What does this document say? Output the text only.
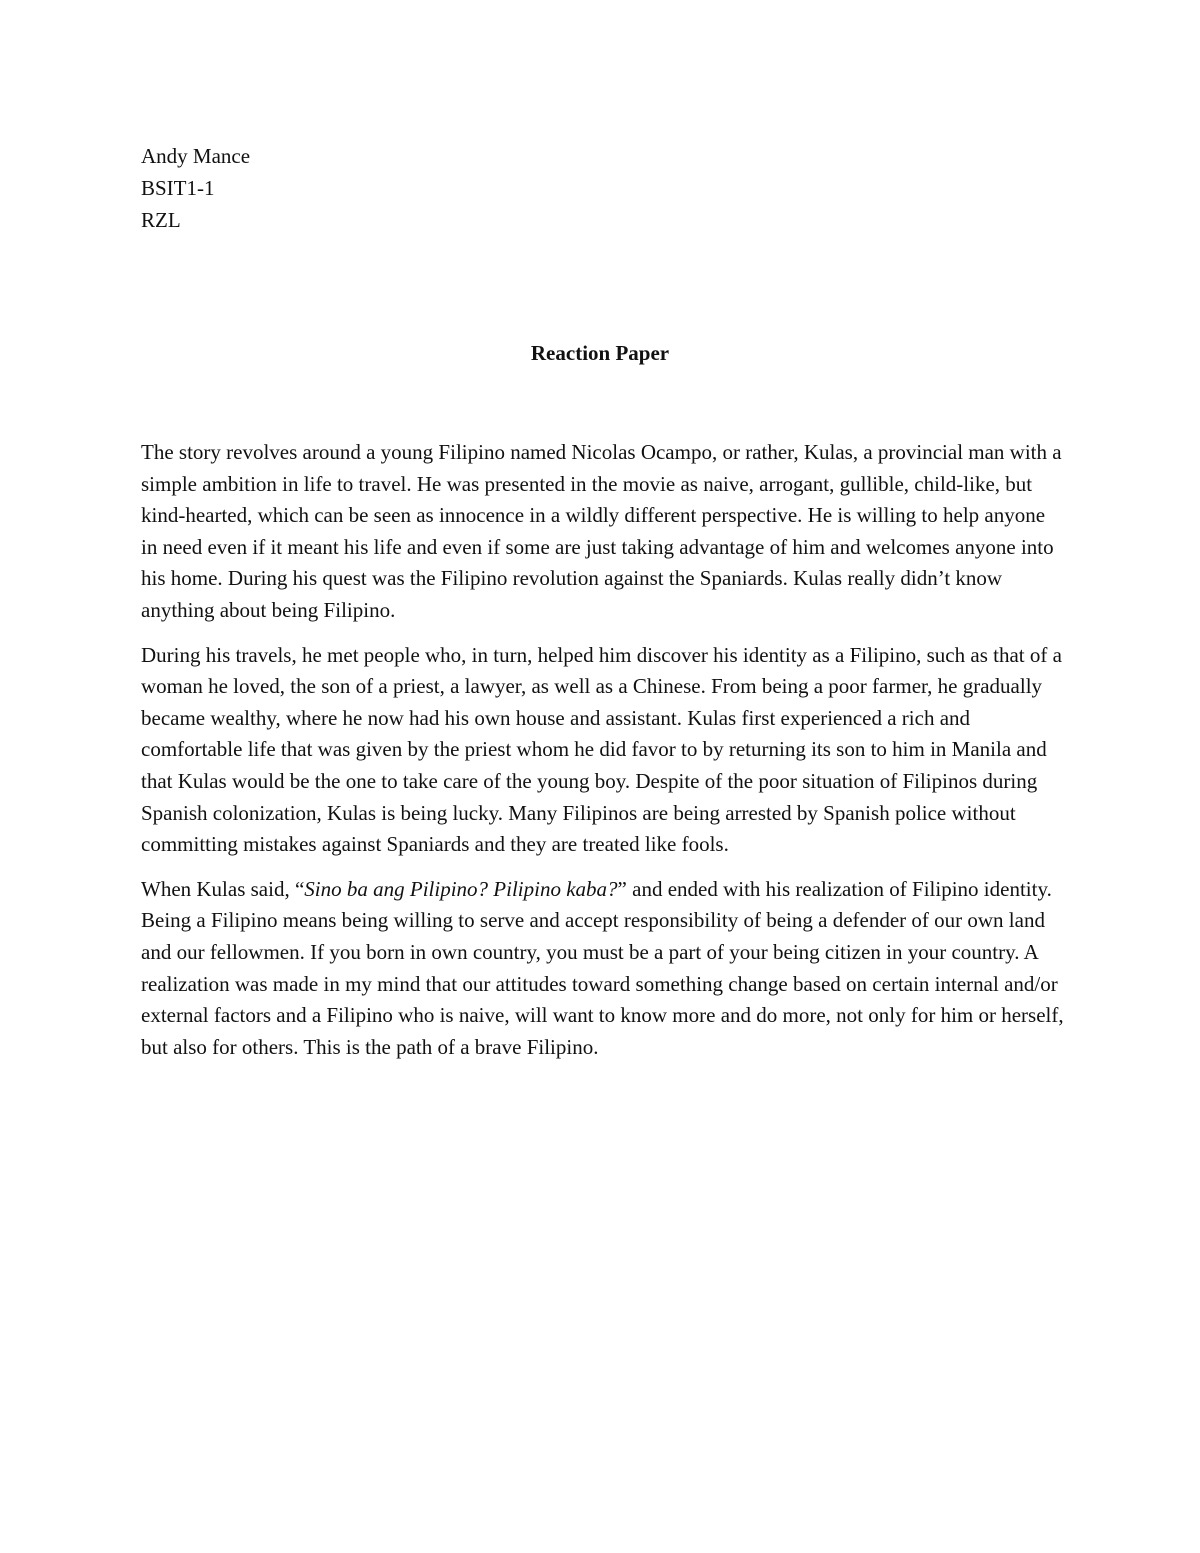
Andy Mance
BSIT1-1
RZL
Reaction Paper

The story revolves around a young Filipino named Nicolas Ocampo, or rather, Kulas, a provincial man with a simple ambition in life to travel. He was presented in the movie as naive, arrogant, gullible, child-like, but kind-hearted, which can be seen as innocence in a wildly different perspective. He is willing to help anyone in need even if it meant his life and even if some are just taking advantage of him and welcomes anyone into his home. During his quest was the Filipino revolution against the Spaniards. Kulas really didn’t know anything about being Filipino.

During his travels, he met people who, in turn, helped him discover his identity as a Filipino, such as that of a woman he loved, the son of a priest, a lawyer, as well as a Chinese. From being a poor farmer, he gradually became wealthy, where he now had his own house and assistant. Kulas first experienced a rich and comfortable life that was given by the priest whom he did favor to by returning its son to him in Manila and that Kulas would be the one to take care of the young boy. Despite of the poor situation of Filipinos during Spanish colonization, Kulas is being lucky. Many Filipinos are being arrested by Spanish police without committing mistakes against Spaniards and they are treated like fools.

When Kulas said, “Sino ba ang Pilipino? Pilipino kaba?” and ended with his realization of Filipino identity. Being a Filipino means being willing to serve and accept responsibility of being a defender of our own land and our fellowmen. If you born in own country, you must be a part of your being citizen in your country. A realization was made in my mind that our attitudes toward something change based on certain internal and/or external factors and a Filipino who is naive, will want to know more and do more, not only for him or herself, but also for others. This is the path of a brave Filipino.
